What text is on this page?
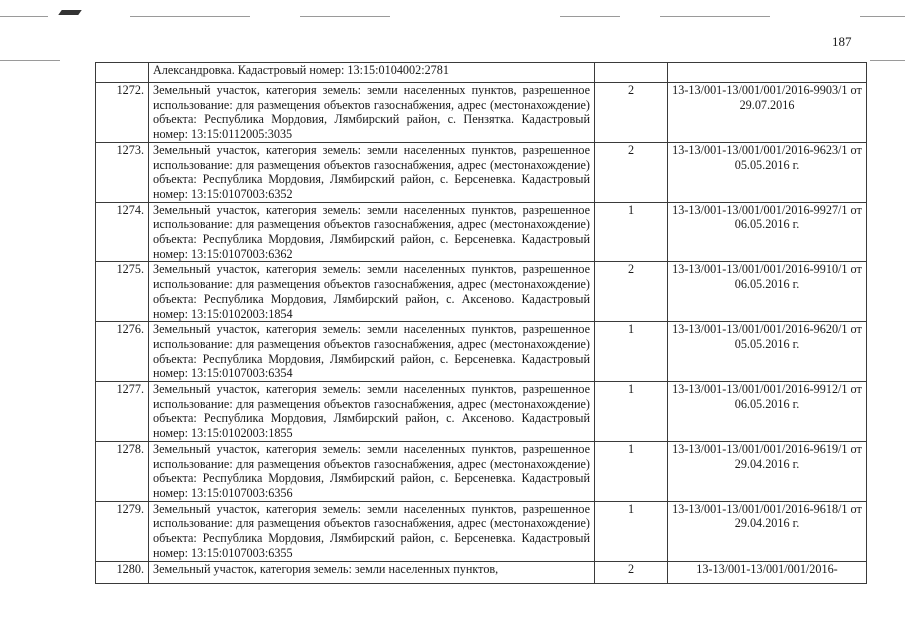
187
	Александровка. Кадастровый номер: 13:15:0104002:2781		
1272.	Земельный участок, категория земель: земли населенных пунктов, разрешенное использование: для размещения объектов газоснабжения, адрес (местонахождение) объекта: Республика Мордовия, Лямбирский район, с. Пензятка. Кадастровый номер: 13:15:0112005:3035	2	13-13/001-13/001/001/2016-9903/1 от 29.07.2016
1273.	Земельный участок, категория земель: земли населенных пунктов, разрешенное использование: для размещения объектов газоснабжения, адрес (местонахождение) объекта: Республика Мордовия, Лямбирский район, с. Берсеневка. Кадастровый номер: 13:15:0107003:6352	2	13-13/001-13/001/001/2016-9623/1 от 05.05.2016 г.
1274.	Земельный участок, категория земель: земли населенных пунктов, разрешенное использование: для размещения объектов газоснабжения, адрес (местонахождение) объекта: Республика Мордовия, Лямбирский район, с. Берсеневка. Кадастровый номер: 13:15:0107003:6362	1	13-13/001-13/001/001/2016-9927/1 от 06.05.2016 г.
1275.	Земельный участок, категория земель: земли населенных пунктов, разрешенное использование: для размещения объектов газоснабжения, адрес (местонахождение) объекта: Республика Мордовия, Лямбирский район, с. Аксеново. Кадастровый номер: 13:15:0102003:1854	2	13-13/001-13/001/001/2016-9910/1 от 06.05.2016 г.
1276.	Земельный участок, категория земель: земли населенных пунктов, разрешенное использование: для размещения объектов газоснабжения, адрес (местонахождение) объекта: Республика Мордовия, Лямбирский район, с. Берсеневка. Кадастровый номер: 13:15:0107003:6354	1	13-13/001-13/001/001/2016-9620/1 от 05.05.2016 г.
1277.	Земельный участок, категория земель: земли населенных пунктов, разрешенное использование: для размещения объектов газоснабжения, адрес (местонахождение) объекта: Республика Мордовия, Лямбирский район, с. Аксеново. Кадастровый номер: 13:15:0102003:1855	1	13-13/001-13/001/001/2016-9912/1 от 06.05.2016 г.
1278.	Земельный участок, категория земель: земли населенных пунктов, разрешенное использование: для размещения объектов газоснабжения, адрес (местонахождение) объекта: Республика Мордовия, Лямбирский район, с. Берсеневка. Кадастровый номер: 13:15:0107003:6356	1	13-13/001-13/001/001/2016-9619/1 от 29.04.2016 г.
1279.	Земельный участок, категория земель: земли населенных пунктов, разрешенное использование: для размещения объектов газоснабжения, адрес (местонахождение) объекта: Республика Мордовия, Лямбирский район, с. Берсеневка. Кадастровый номер: 13:15:0107003:6355	1	13-13/001-13/001/001/2016-9618/1 от 29.04.2016 г.
1280.	Земельный участок, категория земель: земли населенных пунктов,	2	13-13/001-13/001/001/2016-
